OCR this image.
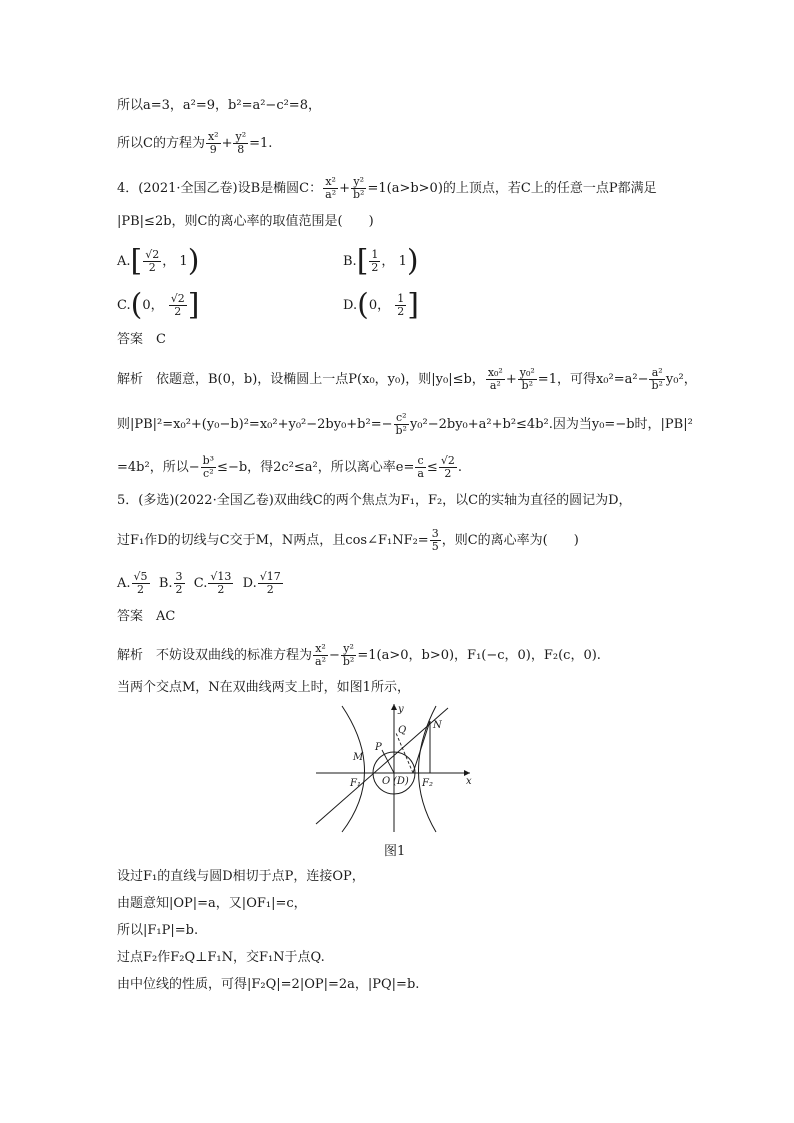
所以a=3，a²=9，b²=a²−c²=8，
所以C的方程为 $\frac{\text{x²}}{9} + \frac{\text{y²}}{8} =1$.
4．(2021·全国乙卷)设B是椭圆C： $\frac{\text{x²}}{\text{a²}} + \frac{\text{y²}}{\text{b²}} =1(a>b>0)$的上顶点，若C上的任意一点P都满足
|PB|≤2b，则C的离心率的取值范围是(　　)
$A.[ \frac{√2}{2}$ ， 1)	$B.[ \frac{1}{2}$ ， 1)
C.(0， $\frac{√2}{2}$ ]	D.(0， $\frac{1}{2}$ ]
答案　C
解析　依题意，B(0，b)，设椭圆上一点P(x₀，y₀)，则|y₀|≤b， $\frac{\text{x₀²}}{\text{a²}} + \frac{\text{y₀²}}{\text{b²}} =1$，可得$x_0^2=a^2- \frac{\text{a²}}{\text{b²}} y_0^2$，
则$|PB|^2=x_0^2+(y_0-b)^2=x_0^2+y_0^2-2by_0+b^2=- \frac{\text{c²}}{\text{b²}} y_0^2-2by_0+a^2+b^2\le 4b^2$.因为当y₀=−b时，|PB|²
=4b²，所以− $\frac{\text{b³}}{\text{c²}} \le-b$，得2c²≤a²，所以离心率$e= \frac{c}{a} \le \frac{√2}{2}$ .
5．(多选)(2022·全国乙卷)双曲线C的两个焦点为F₁，F₂，以C的实轴为直径的圆记为D，
过F₁作D的切线与C交于M，N两点，且cos∠F₁NF₂= $\frac{3}{5}$ ，则C的离心率为(　　)
A. $\frac{√5}{2} B$. $\frac{3}{2} C$. $\frac{√13}{2} D$. $\frac{√17}{2}$
答案　AC
解析　不妨设双曲线的标准方程为 $\frac{\text{x²}}{\text{a²}} - \frac{\text{y²}}{\text{b²}} =1(a>0$，b>0)，F₁(−c，0)，F₂(c，0).
当两个交点M，N在双曲线两支上时，如图1所示，
y
x
M
P
Q	N
O (D)
F₁	F₂
图1
设过F₁的直线与圆D相切于点P，连接OP，
由题意知|OP|=a，又|OF₁|=c，
所以|F₁P|=b.
过点F₂作F₂Q⊥F₁N，交F₁N于点Q.
由中位线的性质，可得|F₂Q|=2|OP|=2a，|PQ|=b.
